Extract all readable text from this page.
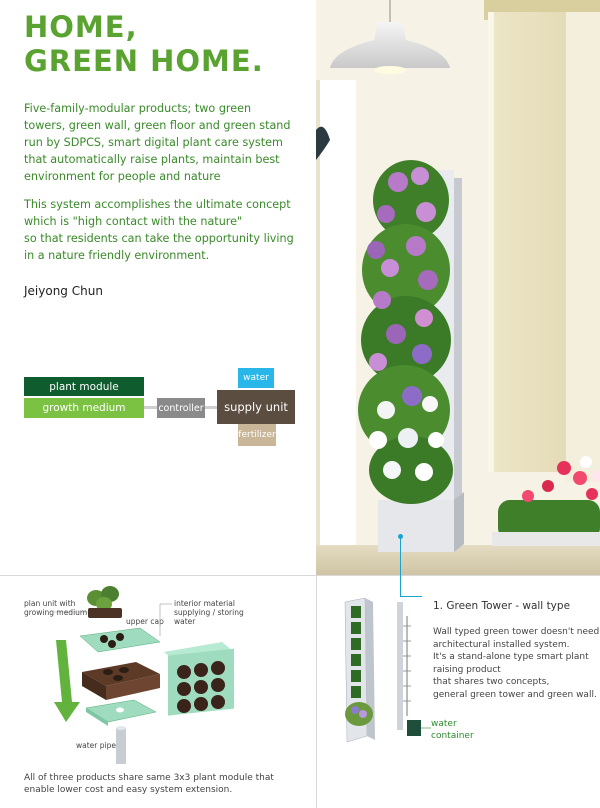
HOME,
GREEN HOME.
Five-family-modular products; two green
towers, green wall, green floor and green stand
run by SDPCS, smart digital plant care system
that automatically raise plants, maintain best
environment for people and nature
This system accomplishes the ultimate concept
which is "high contact with the nature"
so that residents can take the opportunity living
in a nature friendly environment.
Jeiyong Chun
plant module
growth medium	controller
water
supply unit
fertilizer
plan unit with
growing medium
upper cap
interior material
supplying / storing
water
water pipe
All of three products share same 3x3 plant module that
enable lower cost and easy system extension.
1. Green Tower - wall type
Wall typed green tower doesn't need
architectural installed system.
It's a stand-alone type smart plant
raising product
that shares two concepts,
general green tower and green wall.
water
container
